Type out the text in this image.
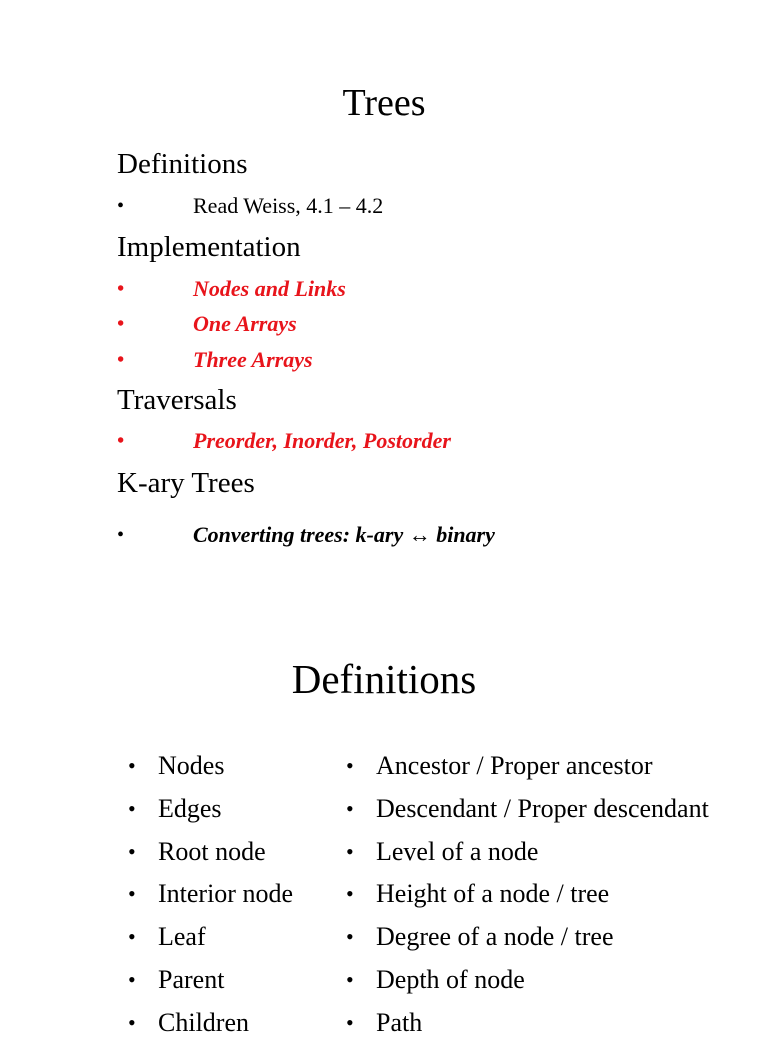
Trees
Definitions
•	Read Weiss, 4.1 – 4.2
Implementation
•	Nodes and Links
•	One Arrays
•	Three Arrays
Traversals
•	Preorder, Inorder, Postorder
K-ary Trees
•	Converting trees: k-ary ↔ binary
Definitions
• Nodes
• Edges
• Root node
• Interior node
• Leaf
• Parent
• Children
• Ancestor / Proper ancestor
• Descendant / Proper descendant
• Level of a node
• Height of a node / tree
• Degree of a node / tree
• Depth of node
• Path
